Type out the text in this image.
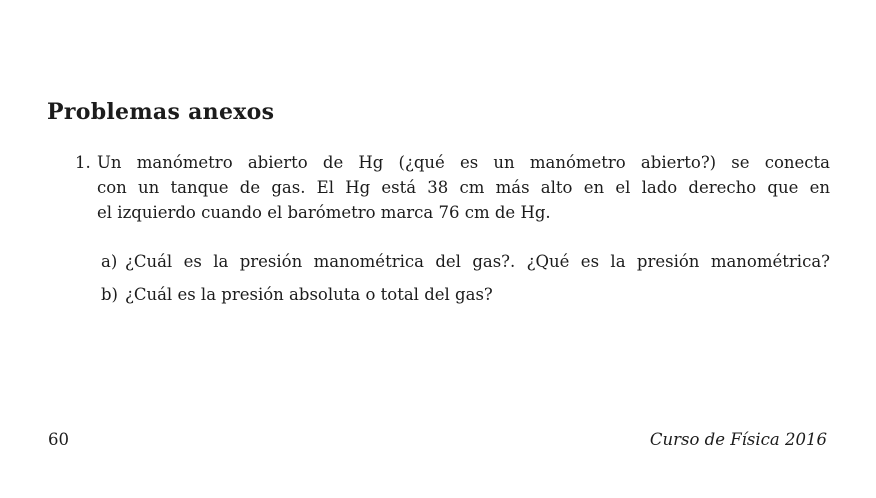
Problemas anexos
1. Un manómetro abierto de Hg (¿qué es un manómetro abierto?) se conecta
con un tanque de gas. El Hg está 38 cm más alto en el lado derecho que en
el izquierdo cuando el barómetro marca 76 cm de Hg.
a) ¿Cuál es la presión manométrica del gas?. ¿Qué es la presión manométrica?
b) ¿Cuál es la presión absoluta o total del gas?
60	Curso de Física 2016
